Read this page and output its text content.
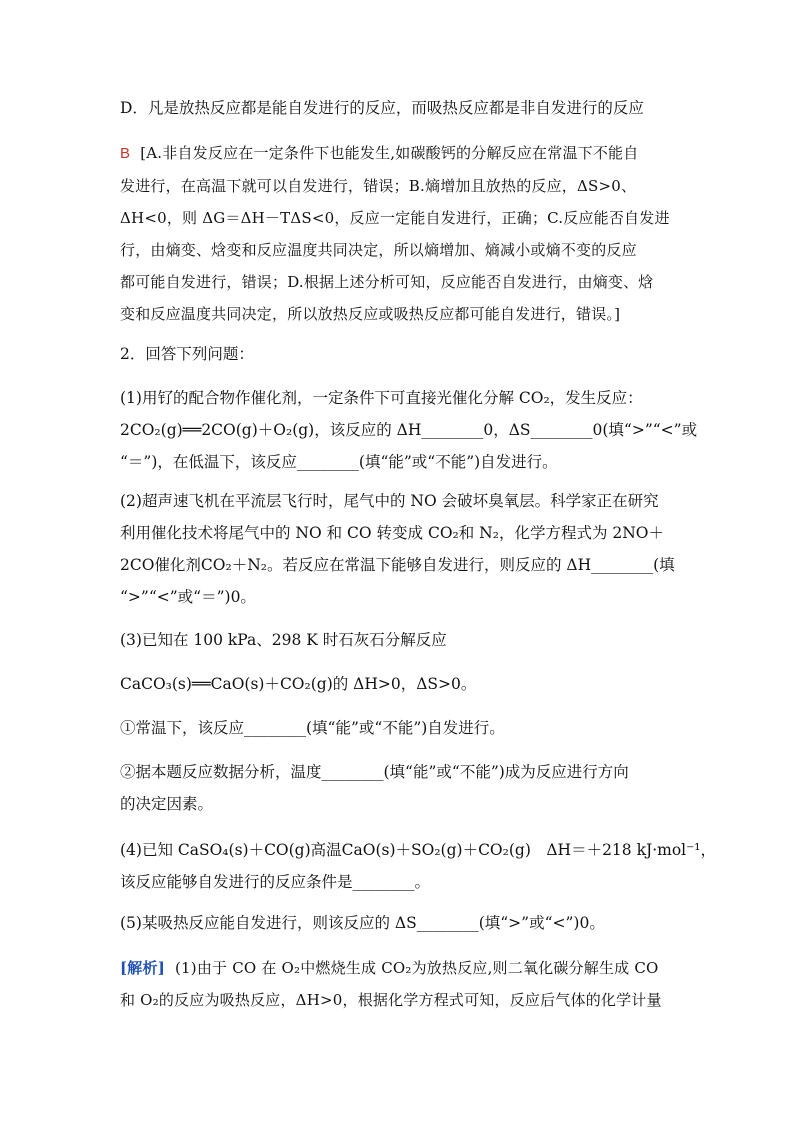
D．凡是放热反应都是能自发进行的反应，而吸热反应都是非自发进行的反应

B [A.非自发反应在一定条件下也能发生,如碳酸钙的分解反应在常温下不能自

发进行，在高温下就可以自发进行，错误；B.熵增加且放热的反应，ΔS>0、

ΔH<0，则 ΔG＝ΔH－TΔS<0，反应一定能自发进行，正确；C.反应能否自发进

行，由熵变、焓变和反应温度共同决定，所以熵增加、熵减小或熵不变的反应

都可能自发进行，错误；D.根据上述分析可知，反应能否自发进行，由熵变、焓

变和反应温度共同决定，所以放热反应或吸热反应都可能自发进行，错误。]

2．回答下列问题：

(1)用钌的配合物作催化剂，一定条件下可直接光催化分解 CO₂，发生反应：

2CO₂(g)══2CO(g)＋O₂(g)，该反应的 ΔH________0，ΔS________0(填“>”“<”或

“＝”)，在低温下，该反应________(填“能”或“不能”)自发进行。

(2)超声速飞机在平流层飞行时，尾气中的 NO 会破坏臭氧层。科学家正在研究

利用催化技术将尾气中的 NO 和 CO 转变成 CO₂和 N₂，化学方程式为 2NO＋

2CO催化剂CO₂＋N₂。若反应在常温下能够自发进行，则反应的 ΔH________(填

“>”“<”或“＝”)0。

(3)已知在 100 kPa、298 K 时石灰石分解反应

CaCO₃(s)══CaO(s)＋CO₂(g)的 ΔH>0，ΔS>0。

①常温下，该反应________(填“能”或“不能”)自发进行。

②据本题反应数据分析，温度________(填“能”或“不能”)成为反应进行方向

的决定因素。

(4)已知 CaSO₄(s)＋CO(g)高温CaO(s)＋SO₂(g)＋CO₂(g)　ΔH＝＋218 kJ·mol⁻¹，

该反应能够自发进行的反应条件是________。

(5)某吸热反应能自发进行，则该反应的 ΔS________(填“>”或“<”)0。

[解析] (1)由于 CO 在 O₂中燃烧生成 CO₂为放热反应,则二氧化碳分解生成 CO

和 O₂的反应为吸热反应，ΔH>0，根据化学方程式可知，反应后气体的化学计量
